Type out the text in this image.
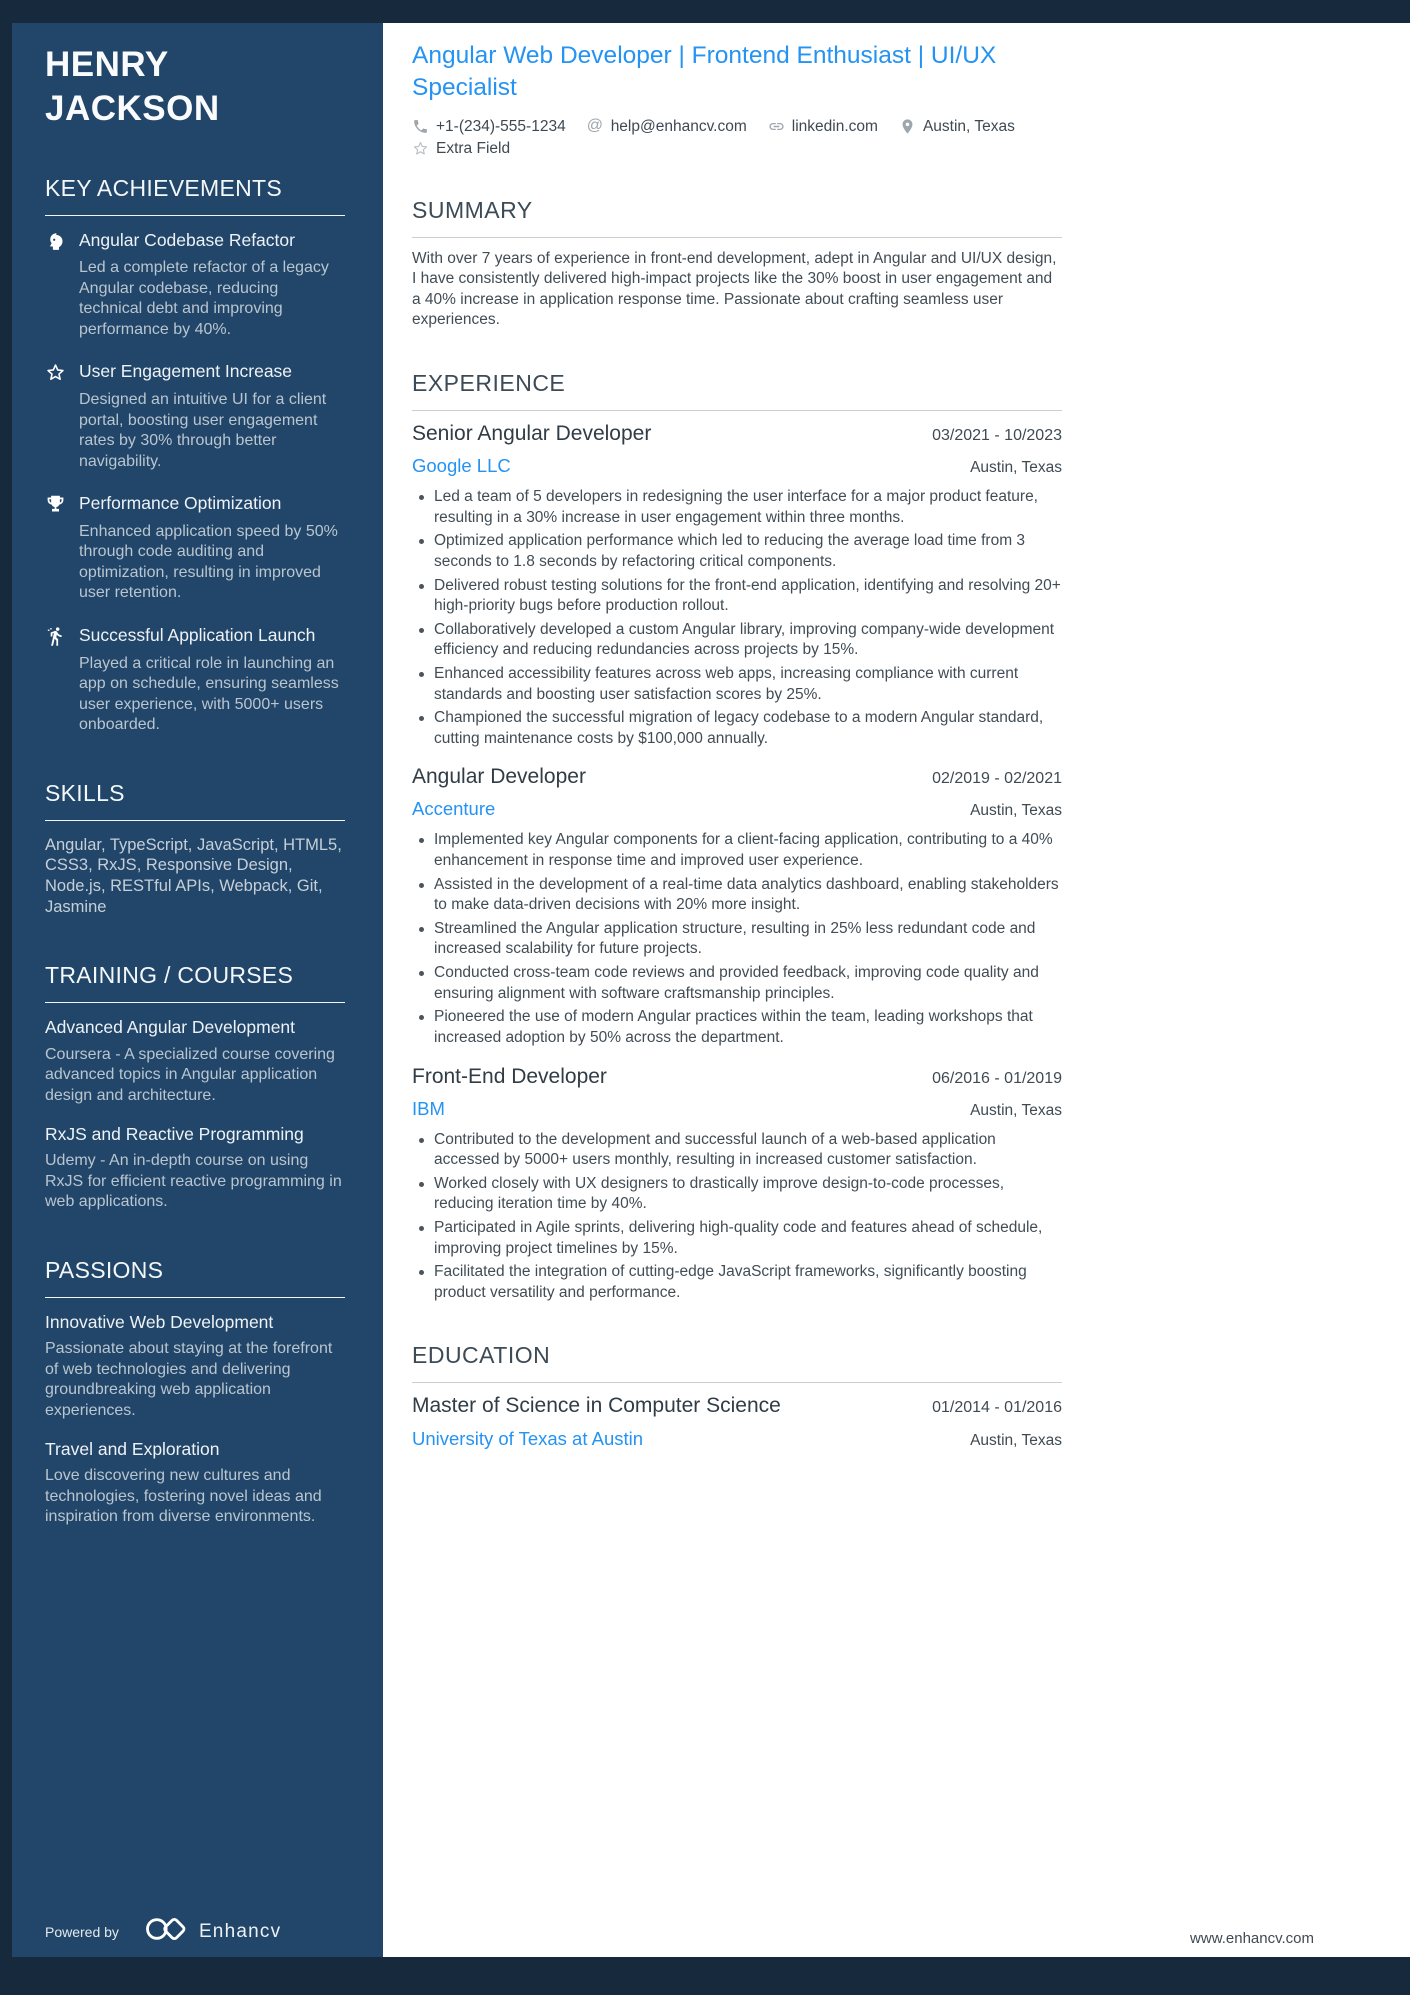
HENRY
JACKSON
KEY ACHIEVEMENTS
Angular Codebase Refactor
Led a complete refactor of a legacy Angular codebase, reducing technical debt and improving performance by 40%.
User Engagement Increase
Designed an intuitive UI for a client portal, boosting user engagement rates by 30% through better navigability.
Performance Optimization
Enhanced application speed by 50% through code auditing and optimization, resulting in improved user retention.
Successful Application Launch
Played a critical role in launching an app on schedule, ensuring seamless user experience, with 5000+ users onboarded.
SKILLS
Angular, TypeScript, JavaScript, HTML5, CSS3, RxJS, Responsive Design, Node.js, RESTful APIs, Webpack, Git, Jasmine
TRAINING / COURSES
Advanced Angular Development
Coursera - A specialized course covering advanced topics in Angular application design and architecture.
RxJS and Reactive Programming
Udemy - An in-depth course on using RxJS for efficient reactive programming in web applications.
PASSIONS
Innovative Web Development
Passionate about staying at the forefront of web technologies and delivering groundbreaking web application experiences.
Travel and Exploration
Love discovering new cultures and technologies, fostering novel ideas and inspiration from diverse environments.
Powered by	Enhancv
Angular Web Developer | Frontend Enthusiast | UI/UX Specialist
+1-(234)-555-1234 @ help@enhancv.com	linkedin.com	Austin, Texas
Extra Field
SUMMARY

With over 7 years of experience in front-end development, adept in Angular and UI/UX design, I have consistently delivered high-impact projects like the 30% boost in user engagement and a 40% increase in application response time. Passionate about crafting seamless user experiences.

EXPERIENCE
Senior Angular Developer	03/2021 - 10/2023
Google LLC	Austin, Texas
Led a team of 5 developers in redesigning the user interface for a major product feature, resulting in a 30% increase in user engagement within three months.
Optimized application performance which led to reducing the average load time from 3 seconds to 1.8 seconds by refactoring critical components.
Delivered robust testing solutions for the front-end application, identifying and resolving 20+ high-priority bugs before production rollout.
Collaboratively developed a custom Angular library, improving company-wide development efficiency and reducing redundancies across projects by 15%.
Enhanced accessibility features across web apps, increasing compliance with current standards and boosting user satisfaction scores by 25%.
Championed the successful migration of legacy codebase to a modern Angular standard, cutting maintenance costs by $100,000 annually.
Angular Developer	02/2019 - 02/2021
Accenture	Austin, Texas
Implemented key Angular components for a client-facing application, contributing to a 40% enhancement in response time and improved user experience.
Assisted in the development of a real-time data analytics dashboard, enabling stakeholders to make data-driven decisions with 20% more insight.
Streamlined the Angular application structure, resulting in 25% less redundant code and increased scalability for future projects.
Conducted cross-team code reviews and provided feedback, improving code quality and ensuring alignment with software craftsmanship principles.
Pioneered the use of modern Angular practices within the team, leading workshops that increased adoption by 50% across the department.
Front-End Developer	06/2016 - 01/2019
IBM	Austin, Texas
Contributed to the development and successful launch of a web-based application accessed by 5000+ users monthly, resulting in increased customer satisfaction.
Worked closely with UX designers to drastically improve design-to-code processes, reducing iteration time by 40%.
Participated in Agile sprints, delivering high-quality code and features ahead of schedule, improving project timelines by 15%.
Facilitated the integration of cutting-edge JavaScript frameworks, significantly boosting product versatility and performance.
EDUCATION
Master of Science in Computer Science	01/2014 - 01/2016
University of Texas at Austin	Austin, Texas
www.enhancv.com
